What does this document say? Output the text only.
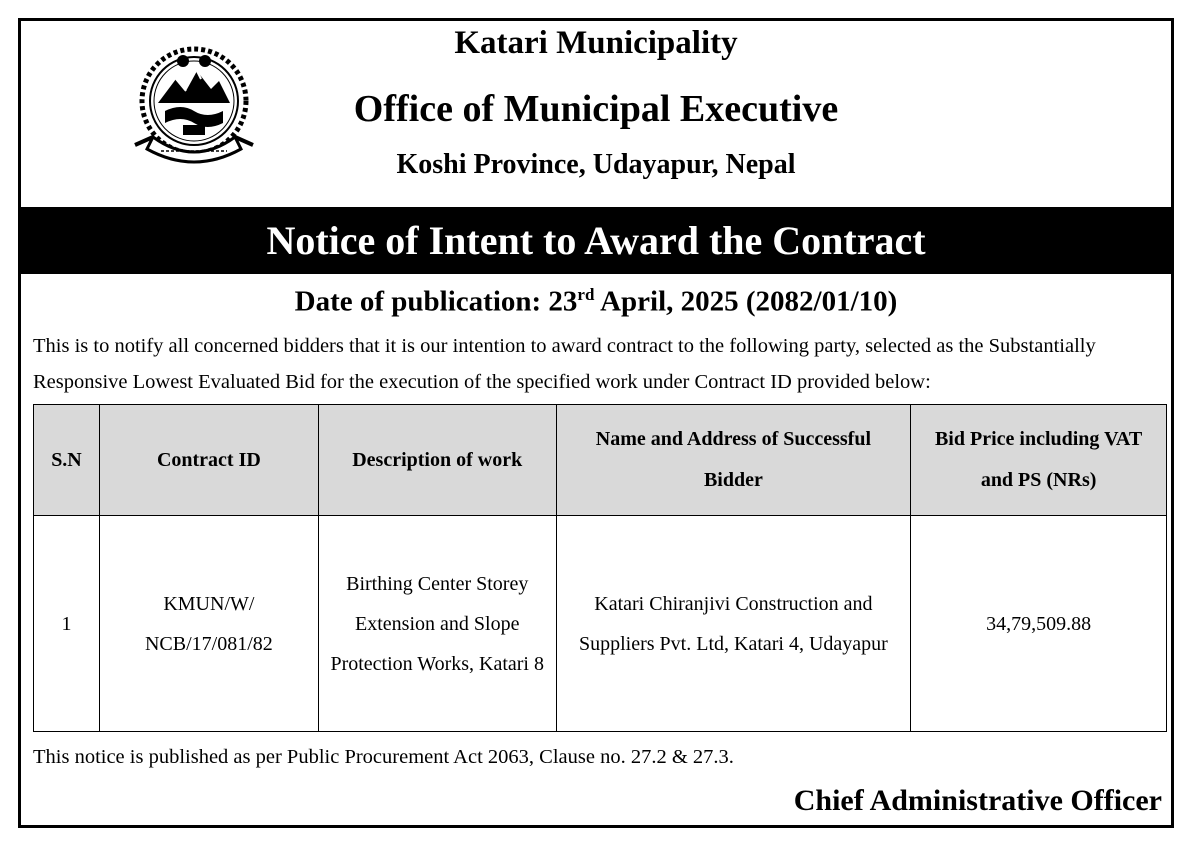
Katari Municipality
Office of Municipal Executive
Koshi Province, Udayapur, Nepal
Notice of Intent to Award the Contract
Date of publication: 23rd April, 2025 (2082/01/10)
This is to notify all concerned bidders that it is our intention to award contract to the following party, selected as the Substantially Responsive Lowest Evaluated Bid for the execution of the specified work under Contract ID provided below:
S.N	Contract ID	Description of work	Name and Address of Successful Bidder	Bid Price including VAT and PS (NRs)
1	KMUN/W/ NCB/17/081/82	Birthing Center Storey Extension and Slope Protection Works, Katari 8	Katari Chiranjivi Construction and Suppliers Pvt. Ltd, Katari 4, Udayapur	34,79,509.88
This notice is published as per Public Procurement Act 2063, Clause no. 27.2 & 27.3.
Chief Administrative Officer
